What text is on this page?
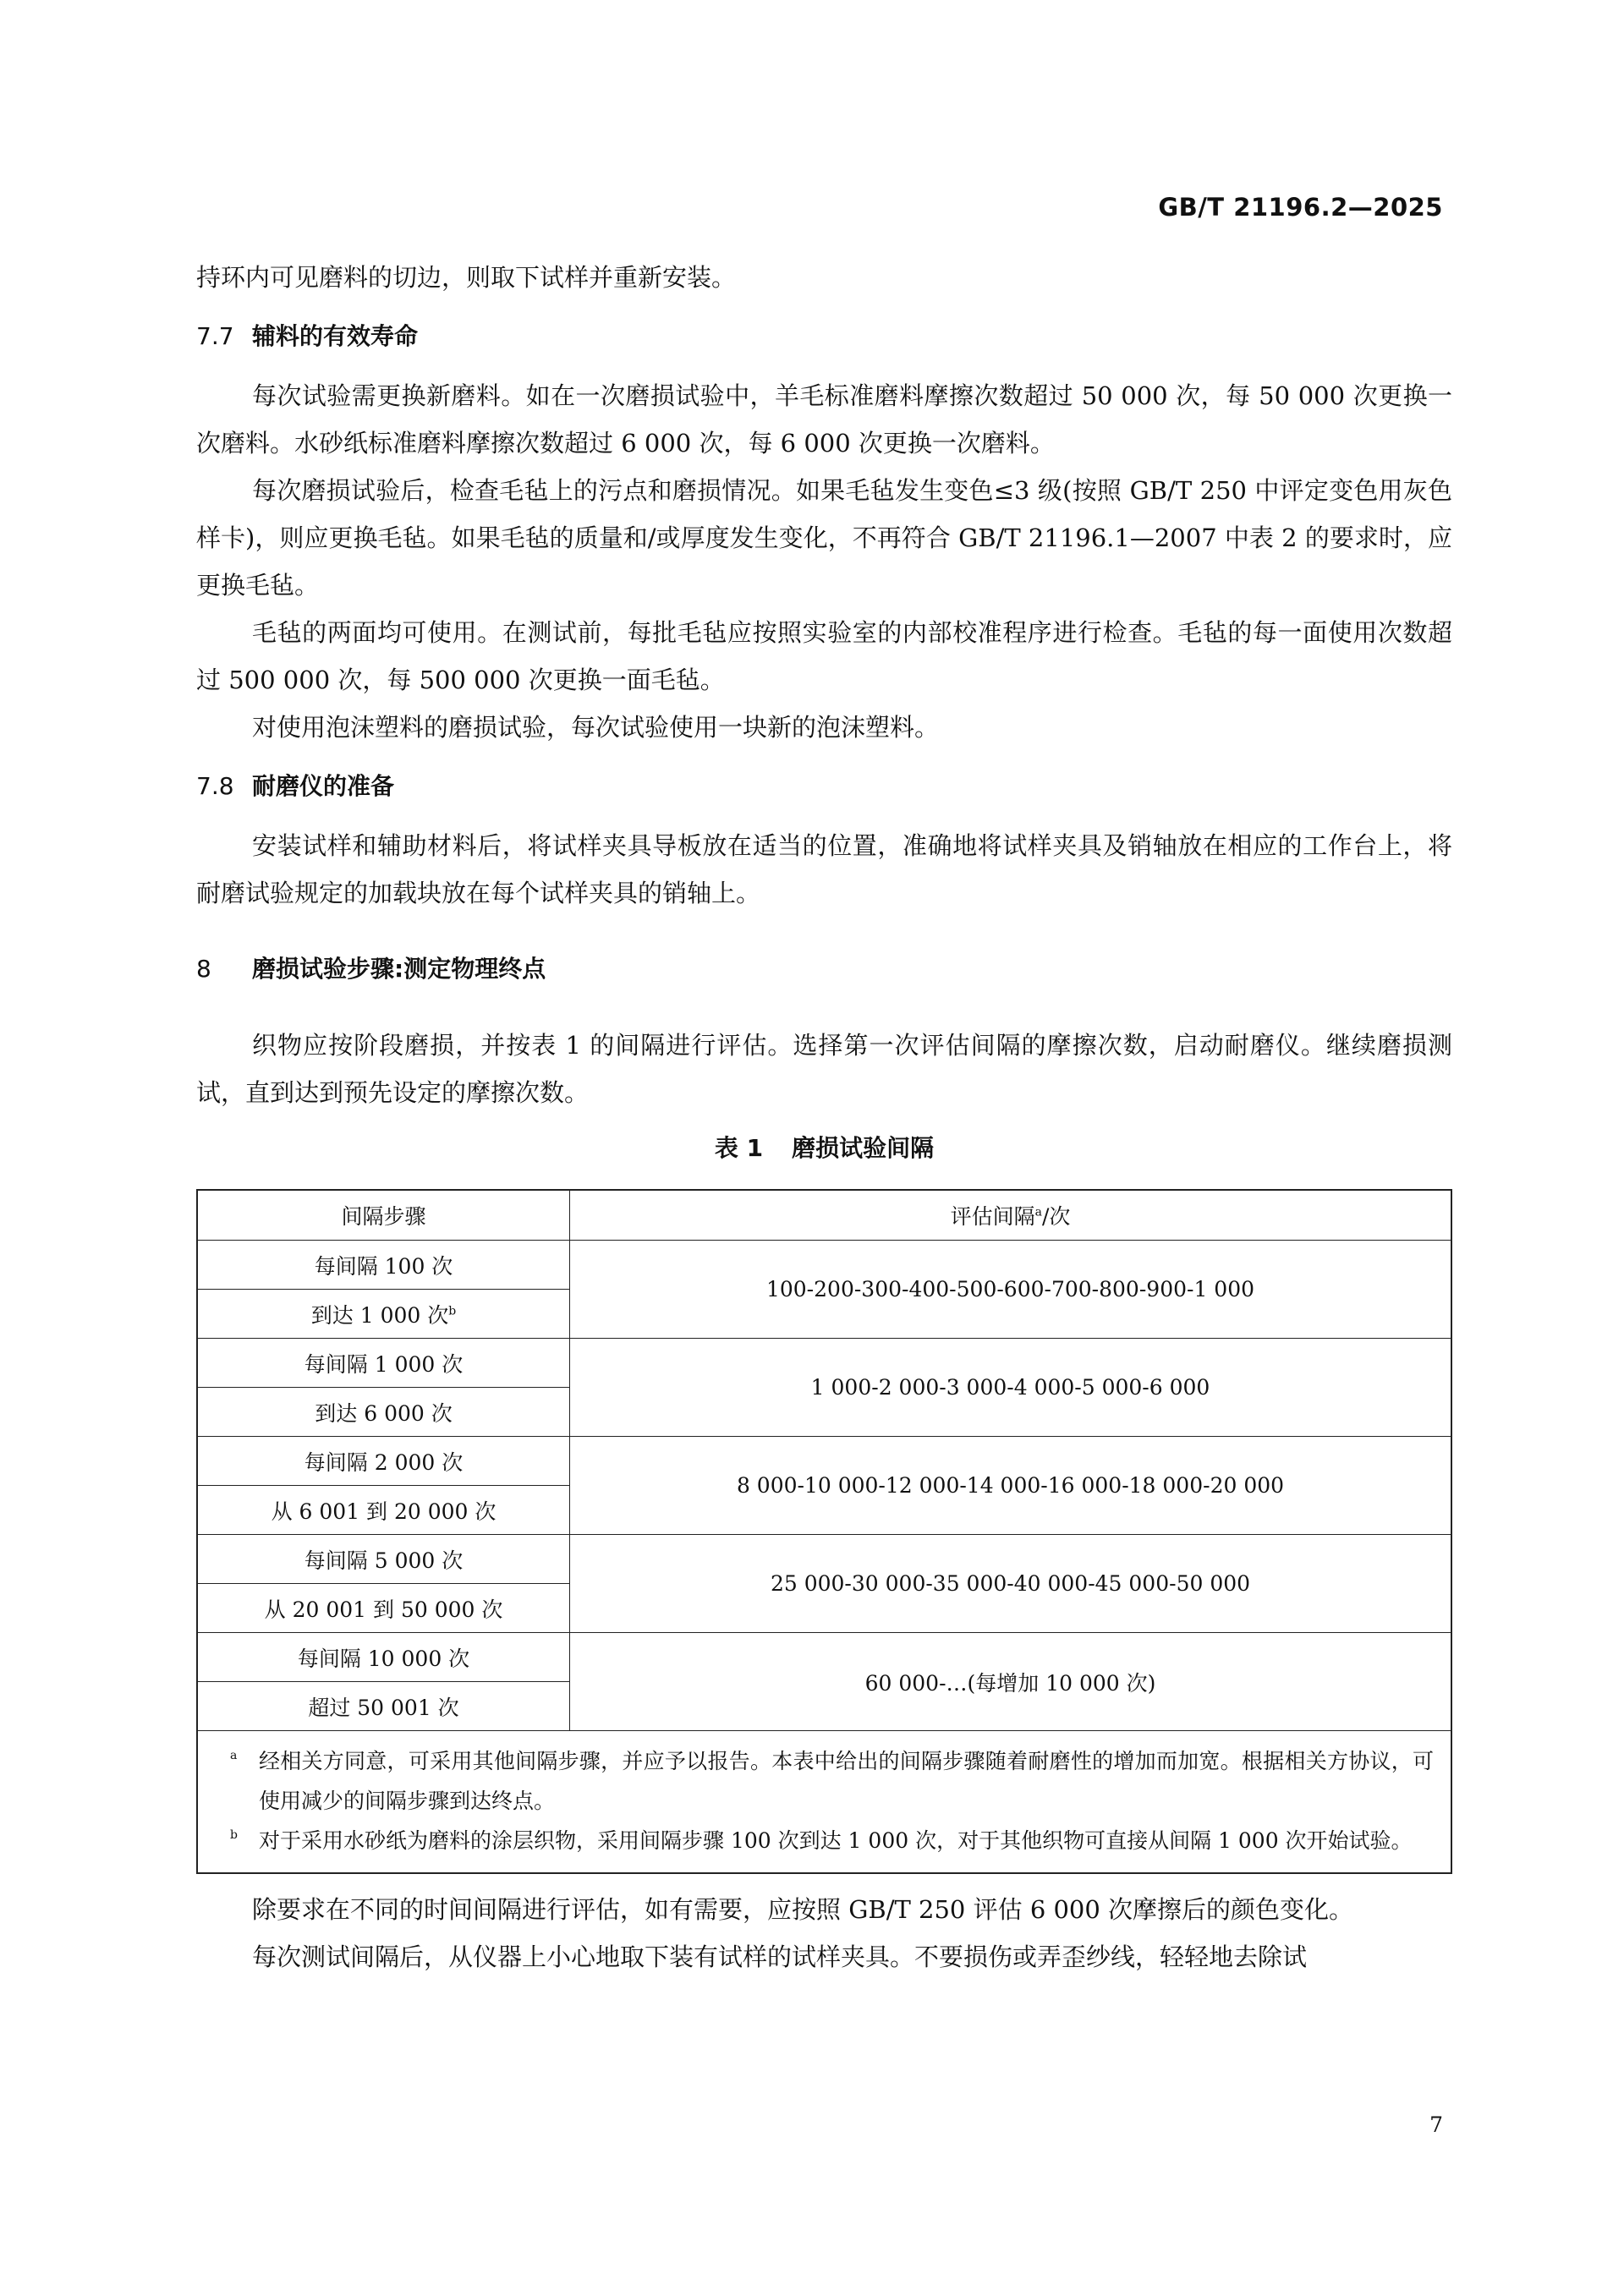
GB/T 21196.2—2025

持环内可见磨料的切边，则取下试样并重新安装。

7.7 辅料的有效寿命

每次试验需更换新磨料。如在一次磨损试验中，羊毛标准磨料摩擦次数超过 50 000 次，每 50 000 次更换一次磨料。水砂纸标准磨料摩擦次数超过 6 000 次，每 6 000 次更换一次磨料。

每次磨损试验后，检查毛毡上的污点和磨损情况。如果毛毡发生变色≤3 级(按照 GB/T 250 中评定变色用灰色样卡)，则应更换毛毡。如果毛毡的质量和/或厚度发生变化，不再符合 GB/T 21196.1—2007 中表 2 的要求时，应更换毛毡。

毛毡的两面均可使用。在测试前，每批毛毡应按照实验室的内部校准程序进行检查。毛毡的每一面使用次数超过 500 000 次，每 500 000 次更换一面毛毡。

对使用泡沫塑料的磨损试验，每次试验使用一块新的泡沫塑料。

7.8 耐磨仪的准备

安装试样和辅助材料后，将试样夹具导板放在适当的位置，准确地将试样夹具及销轴放在相应的工作台上，将耐磨试验规定的加载块放在每个试样夹具的销轴上。

8 磨损试验步骤:测定物理终点

织物应按阶段磨损，并按表 1 的间隔进行评估。选择第一次评估间隔的摩擦次数，启动耐磨仪。继续磨损测试，直到达到预先设定的摩擦次数。

表 1 磨损试验间隔
间隔步骤	评估间隔$^a$/次
每间隔 100 次	100-200-300-400-500-600-700-800-900-1 000
到达 1 000 次$^b$
每间隔 1 000 次	1 000-2 000-3 000-4 000-5 000-6 000
到达 6 000 次	
每间隔 2 000 次	8 000-10 000-12 000-14 000-16 000-18 000-20 000
从 6 001 到 20 000 次	
每间隔 5 000 次	25 000-30 000-35 000-40 000-45 000-50 000
从 20 001 到 50 000 次	
每间隔 10 000 次	60 000-…(每增加 10 000 次)
超过 50 001 次	
a 经相关方同意，可采用其他间隔步骤，并应予以报告。本表中给出的间隔步骤随着耐磨性的增加而加宽。根据相关方协议，可使用减少的间隔步骤到达终点。
b 对于采用水砂纸为磨料的涂层织物，采用间隔步骤 100 次到达 1 000 次，对于其他织物可直接从间隔 1 000 次开始试验。

除要求在不同的时间间隔进行评估，如有需要，应按照 GB/T 250 评估 6 000 次摩擦后的颜色变化。

每次测试间隔后，从仪器上小心地取下装有试样的试样夹具。不要损伤或弄歪纱线，轻轻地去除试

7
